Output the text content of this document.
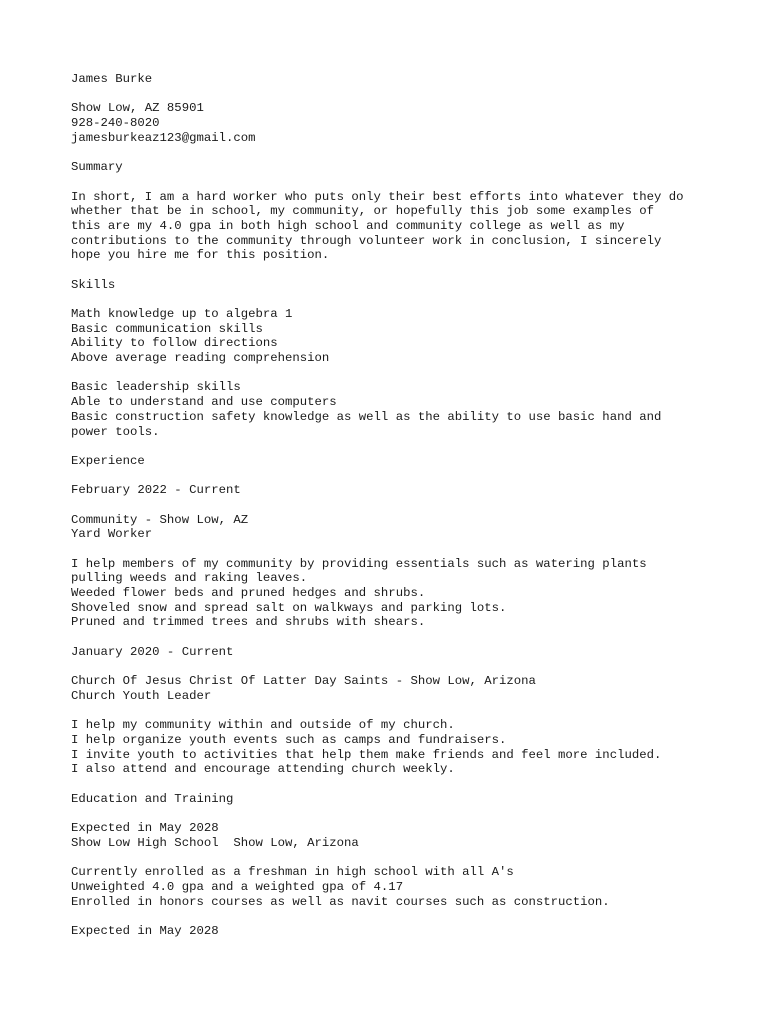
James Burke

Show Low, AZ 85901

928-240-8020

jamesburkeaz123@gmail.com

Summary

In short, I am a hard worker who puts only their best efforts into whatever they do

whether that be in school, my community, or hopefully this job some examples of

this are my 4.0 gpa in both high school and community college as well as my

contributions to the community through volunteer work in conclusion, I sincerely

hope you hire me for this position.

Skills

Math knowledge up to algebra 1

Basic communication skills

Ability to follow directions

Above average reading comprehension

Basic leadership skills

Able to understand and use computers

Basic construction safety knowledge as well as the ability to use basic hand and

power tools.

Experience

February 2022 - Current

Community - Show Low, AZ

Yard Worker

I help members of my community by providing essentials such as watering plants

pulling weeds and raking leaves.

Weeded flower beds and pruned hedges and shrubs.

Shoveled snow and spread salt on walkways and parking lots.

Pruned and trimmed trees and shrubs with shears.

January 2020 - Current

Church Of Jesus Christ Of Latter Day Saints - Show Low, Arizona

Church Youth Leader

I help my community within and outside of my church.

I help organize youth events such as camps and fundraisers.

I invite youth to activities that help them make friends and feel more included.

I also attend and encourage attending church weekly.

Education and Training

Expected in May 2028

Show Low High School  Show Low, Arizona

Currently enrolled as a freshman in high school with all A's

Unweighted 4.0 gpa and a weighted gpa of 4.17

Enrolled in honors courses as well as navit courses such as construction.

Expected in May 2028
